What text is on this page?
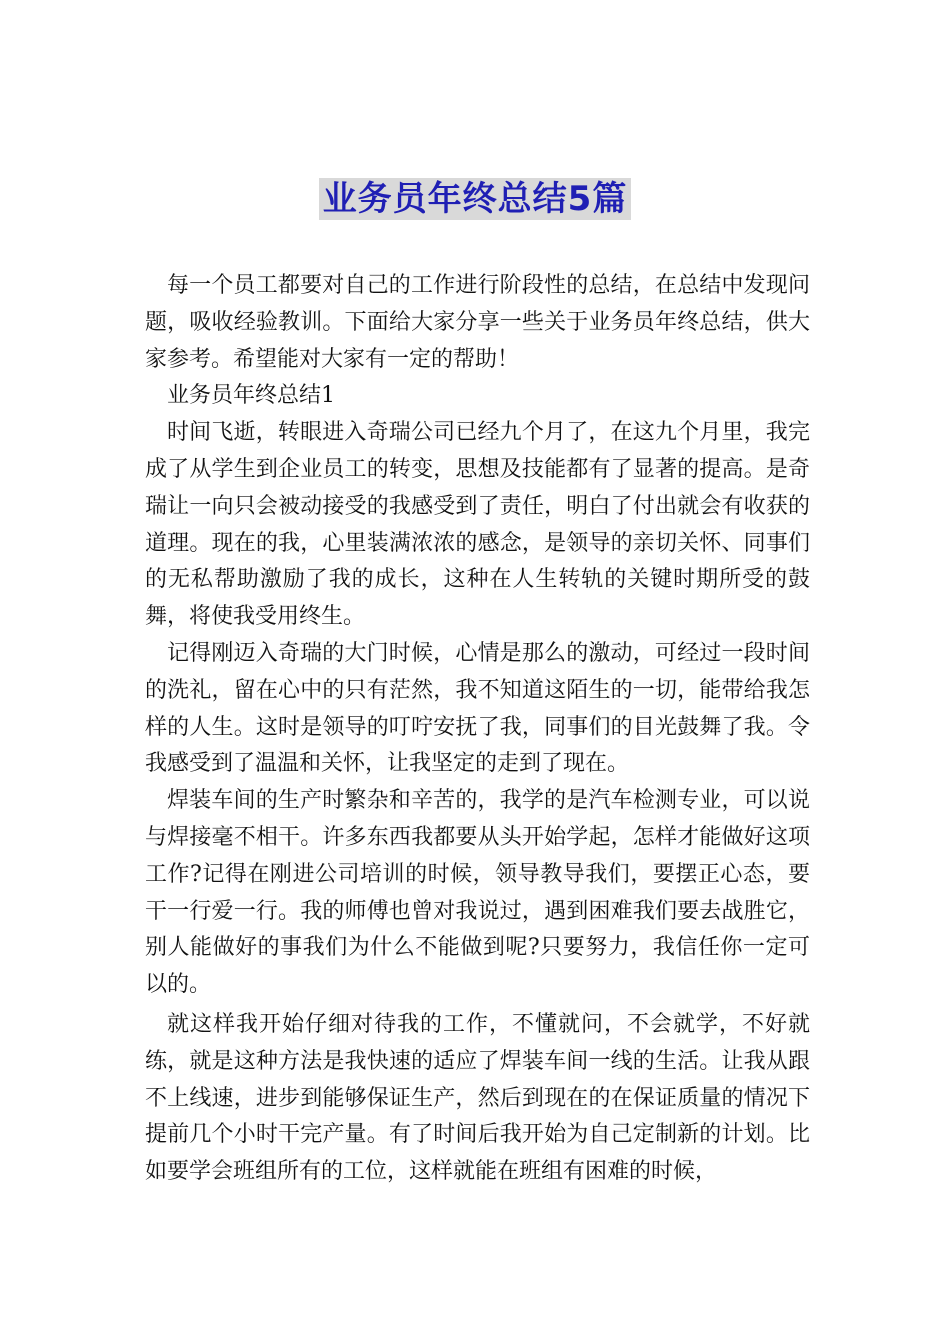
业务员年终总结5篇

每一个员工都要对自己的工作进行阶段性的总结，在总结中发现问题，吸收经验教训。下面给大家分享一些关于业务员年终总结，供大家参考。希望能对大家有一定的帮助！

业务员年终总结1

时间飞逝，转眼进入奇瑞公司已经九个月了，在这九个月里，我完成了从学生到企业员工的转变，思想及技能都有了显著的提高。是奇瑞让一向只会被动接受的我感受到了责任，明白了付出就会有收获的道理。现在的我，心里装满浓浓的感念，是领导的亲切关怀、同事们的无私帮助激励了我的成长，这种在人生转轨的关键时期所受的鼓舞，将使我受用终生。

记得刚迈入奇瑞的大门时候，心情是那么的激动，可经过一段时间的洗礼，留在心中的只有茫然，我不知道这陌生的一切，能带给我怎样的人生。这时是领导的叮咛安抚了我，同事们的目光鼓舞了我。令我感受到了温温和关怀，让我坚定的走到了现在。

焊装车间的生产时繁杂和辛苦的，我学的是汽车检测专业，可以说与焊接毫不相干。许多东西我都要从头开始学起，怎样才能做好这项工作?记得在刚进公司培训的时候，领导教导我们，要摆正心态，要干一行爱一行。我的师傅也曾对我说过，遇到困难我们要去战胜它，别人能做好的事我们为什么不能做到呢?只要努力，我信任你一定可以的。

就这样我开始仔细对待我的工作，不懂就问，不会就学，不好就练，就是这种方法是我快速的适应了焊装车间一线的生活。让我从跟不上线速，进步到能够保证生产，然后到现在的在保证质量的情况下提前几个小时干完产量。有了时间后我开始为自己定制新的计划。比如要学会班组所有的工位，这样就能在班组有困难的时候，
